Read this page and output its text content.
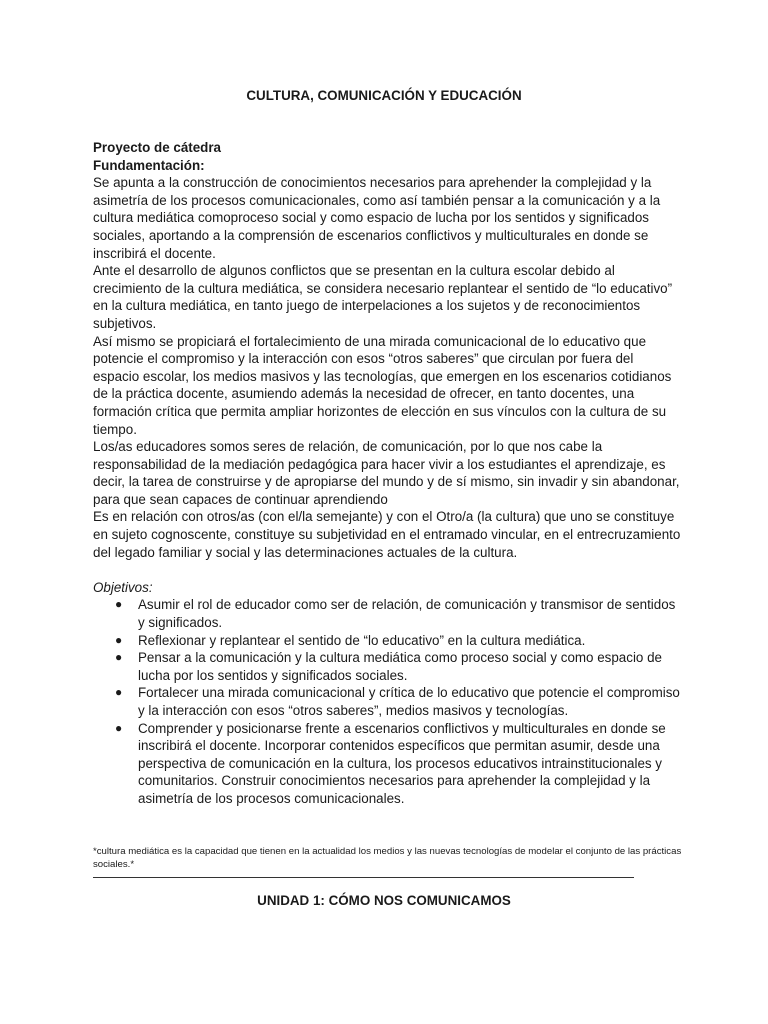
CULTURA, COMUNICACIÓN Y EDUCACIÓN

Proyecto de cátedra

Fundamentación:

Se apunta a la construcción de conocimientos necesarios para aprehender la complejidad y la asimetría de los procesos comunicacionales, como así también pensar a la comunicación y a la cultura mediática comoproceso social y como espacio de lucha por los sentidos y significados sociales, aportando a la comprensión de escenarios conflictivos y multiculturales en donde se inscribirá el docente.

Ante el desarrollo de algunos conflictos que se presentan en la cultura escolar debido al crecimiento de la cultura mediática, se considera necesario replantear el sentido de “lo educativo” en la cultura mediática, en tanto juego de interpelaciones a los sujetos y de reconocimientos subjetivos.

Así mismo se propiciará el fortalecimiento de una mirada comunicacional de lo educativo que potencie el compromiso y la interacción con esos “otros saberes” que circulan por fuera del espacio escolar, los medios masivos y las tecnologías, que emergen en los escenarios cotidianos de la práctica docente, asumiendo además la necesidad de ofrecer, en tanto docentes, una formación crítica que permita ampliar horizontes de elección en sus vínculos con la cultura de su tiempo.

Los/as educadores somos seres de relación, de comunicación, por lo que nos cabe la responsabilidad de la mediación pedagógica para hacer vivir a los estudiantes el aprendizaje, es decir, la tarea de construirse y de apropiarse del mundo y de sí mismo, sin invadir y sin abandonar, para que sean capaces de continuar aprendiendo

Es en relación con otros/as (con el/la semejante) y con el Otro/a (la cultura) que uno se constituye en sujeto cognoscente, constituye su subjetividad en el entramado vincular, en el entrecruzamiento del legado familiar y social y las determinaciones actuales de la cultura.

Objetivos:

● Asumir el rol de educador como ser de relación, de comunicación y transmisor de sentidos y significados.
● Reflexionar y replantear el sentido de “lo educativo” en la cultura mediática.
● Pensar a la comunicación y la cultura mediática como proceso social y como espacio de lucha por los sentidos y significados sociales.
● Fortalecer una mirada comunicacional y crítica de lo educativo que potencie el compromiso y la interacción con esos “otros saberes”, medios masivos y tecnologías.
● Comprender y posicionarse frente a escenarios conflictivos y multiculturales en donde se inscribirá el docente. Incorporar contenidos específicos que permitan asumir, desde una perspectiva de comunicación en la cultura, los procesos educativos intrainstitucionales y comunitarios. Construir conocimientos necesarios para aprehender la complejidad y la asimetría de los procesos comunicacionales.
*cultura mediática es la capacidad que tienen en la actualidad los medios y las nuevas tecnologías de modelar el conjunto de las prácticas sociales.*
UNIDAD 1: CÓMO NOS COMUNICAMOS
